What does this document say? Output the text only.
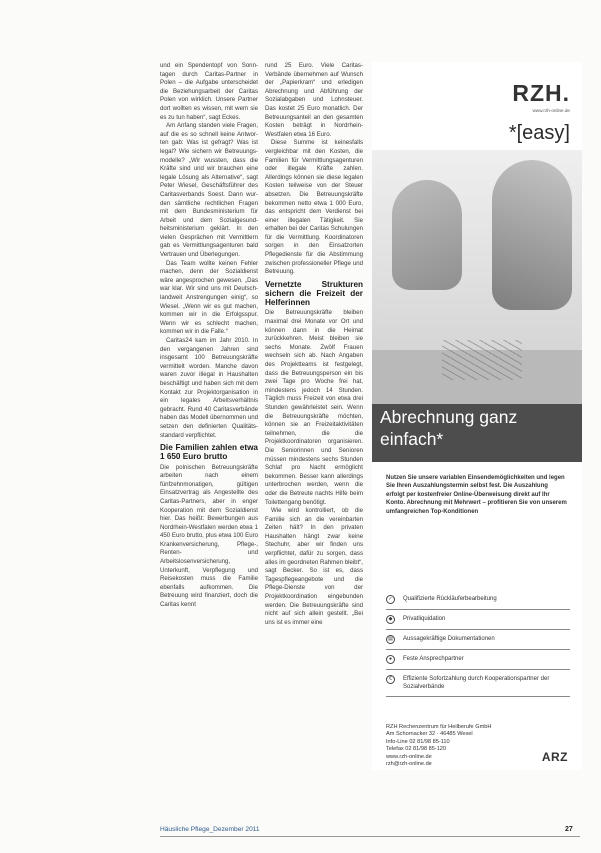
und ein Spendentopf von Sonntagen durch Caritas-Partner in Polen – die Aufgabe unterscheidet die Beziehungsarbeit der Caritas Polen von wirklich. Unsere Partner dort wollten es wissen, mit wem sie es zu tun haben“, sagt Eckes.

Am Anfang standen viele Fragen, auf die es so schnell keine Antworten gab: Was ist gefragt? Was ist legal? Wie sichern wir Betreuungsmodelle? „Wir wussten, dass die Kräfte sind und wir brauchen eine legale Lösung als Alternative“, sagt Peter Wiesel, Geschäftsführer des Caritasverbands Soest. Dann wurden sämtliche rechtlichen Fragen mit dem Bundesministerium für Arbeit und dem Sozialgesundheitsministerium geklärt. In den vielen Gesprächen mit Vermittlern gab es Vermittlungsagenturen bald Vertrauen und Überlegungen.

Das Team wollte keinen Fehler machen, denn der Sozialdienst wäre angesprochen gewesen. „Das war klar. Wir sind uns mit Deutschlandweit Anstrengungen einig“, so Wiesel. „Wenn wir es gut machen, kommen wir in die Erfolgsspur. Wenn wir es schlecht machen, kommen wir in die Falle.“

Caritas24 kam im Jahr 2010. In den vergangenen Jahren sind insgesamt 100 Betreuungskräfte vermittelt worden. Manche davon waren zuvor illegal in Haushalten beschäftigt und haben sich mit dem Kontakt zur Projektorganisation in ein legales Arbeitsverhältnis gebracht. Rund 40 Caritasverbände haben das Modell übernommen und setzen den definierten Qualitätsstandard verpflichtet.

Die Familien zahlen etwa 1 650 Euro brutto

Die polnischen Betreuungskräfte arbeiten nach einem fünfzehnmonatigen, gültigen Einsatzvertrag als Angestellte des Caritas-Partners, aber in enger Kooperation mit dem Sozialdienst hier. Das heißt: Bewerbungen aus Nordrhein-Westfalen werden etwa 1 450 Euro brutto, plus etwa 100 Euro Krankenversicherung, Pflege-, Renten- und Arbeitslosenversicherung, Unterkunft, Verpflegung und Reisekosten muss die Familie ebenfalls aufkommen. Die Betreuung wird finanziert, doch die Caritas kennt

rund 25 Euro. Viele Caritas-Verbände übernehmen auf Wunsch der „Papierkram“ und erledigen Abrechnung und Abführung der Sozialabgaben und Lohnsteuer. Das kostet 25 Euro monatlich. Der Betreuungsanteil an den gesamten Kosten beträgt in Nordrhein-Westfalen etwa 16 Euro.

Diese Summe ist keinesfalls vergleichbar mit den Kosten, die Familien für Vermittlungsagenturen oder illegale Kräfte zahlen. Allerdings können sie diese legalen Kosten teilweise von der Steuer absetzen. Die Betreuungskräfte bekommen netto etwa 1 000 Euro, das entspricht dem Verdienst bei einer illegalen Tätigkeit. Sie erhalten bei der Caritas Schulungen für die Vermittlung. Koordinatoren sorgen in den Einsatzorten Pflegedienste für die Abstimmung zwischen professioneller Pflege und Betreuung.

Vernetzte Strukturen sichern die Freizeit der Helferinnen

Die Betreuungskräfte bleiben maximal drei Monate vor Ort und können dann in die Heimat zurückkehren. Meist bleiben sie sechs Monate. Zwölf Frauen wechseln sich ab. Nach Angaben des Projektteams ist festgelegt, dass die Betreuungsperson ein bis zwei Tage pro Woche frei hat, mindestens jedoch 14 Stunden. Täglich muss Freizeit von etwa drei Stunden gewährleistet sein. Wenn die Betreuungskräfte möchten, können sie an Freizeitaktivitäten teilnehmen, die die Projektkoordinatoren organisieren. Die Seniorinnen und Senioren müssen mindestens sechs Stunden Schlaf pro Nacht ermöglicht bekommen. Besser kann allerdings unterbrochen werden, wenn die oder die Betreute nachts Hilfe beim Toilettengang benötigt.

Wie wird kontrolliert, ob die Familie sich an die vereinbarten Zeiten hält? In den privaten Haushalten hängt zwar keine Stechuhr, aber wir finden uns verpflichtet, dafür zu sorgen, dass alles im geordneten Rahmen bleibt“, sagt Becker. So ist es, dass Tagespflegeangebote und die Pflege-Dienste von der Projektkoordination eingebunden werden. Die Betreuungskräfte sind nicht auf sich allein gestellt. „Bei uns ist es immer eine

RZH.
www.rzh-online.de
*[easy]
Abrechnung ganz einfach*
Nutzen Sie unsere variablen Einsendemöglichkeiten und legen Sie Ihren Auszahlungstermin selbst fest. Die Auszahlung erfolgt per kostenfreier Online-Überweisung direkt auf Ihr Konto. Abrechnung mit Mehrwert – profitieren Sie von unserem umfangreichen Top-Konditionen
✓	Qualifizierte Rückläuferbearbeitung
◆	Privatliquidation
▤	Aussagekräftige Dokumentationen
●	Feste Ansprechpartner
€	Effiziente Sofortzahlung durch Kooperationspartner der Sozialverbände
RZH Rechenzentrum für Heilberufe GmbH
Am Schornacker 32 · 46485 Wesel
Info-Line 02 81/98 85-110
Telefax 02 81/98 85-120
www.rzh-online.de
rzh@rzh-online.de
ARZ
Häusliche Pflege_Dezember 2011	27
